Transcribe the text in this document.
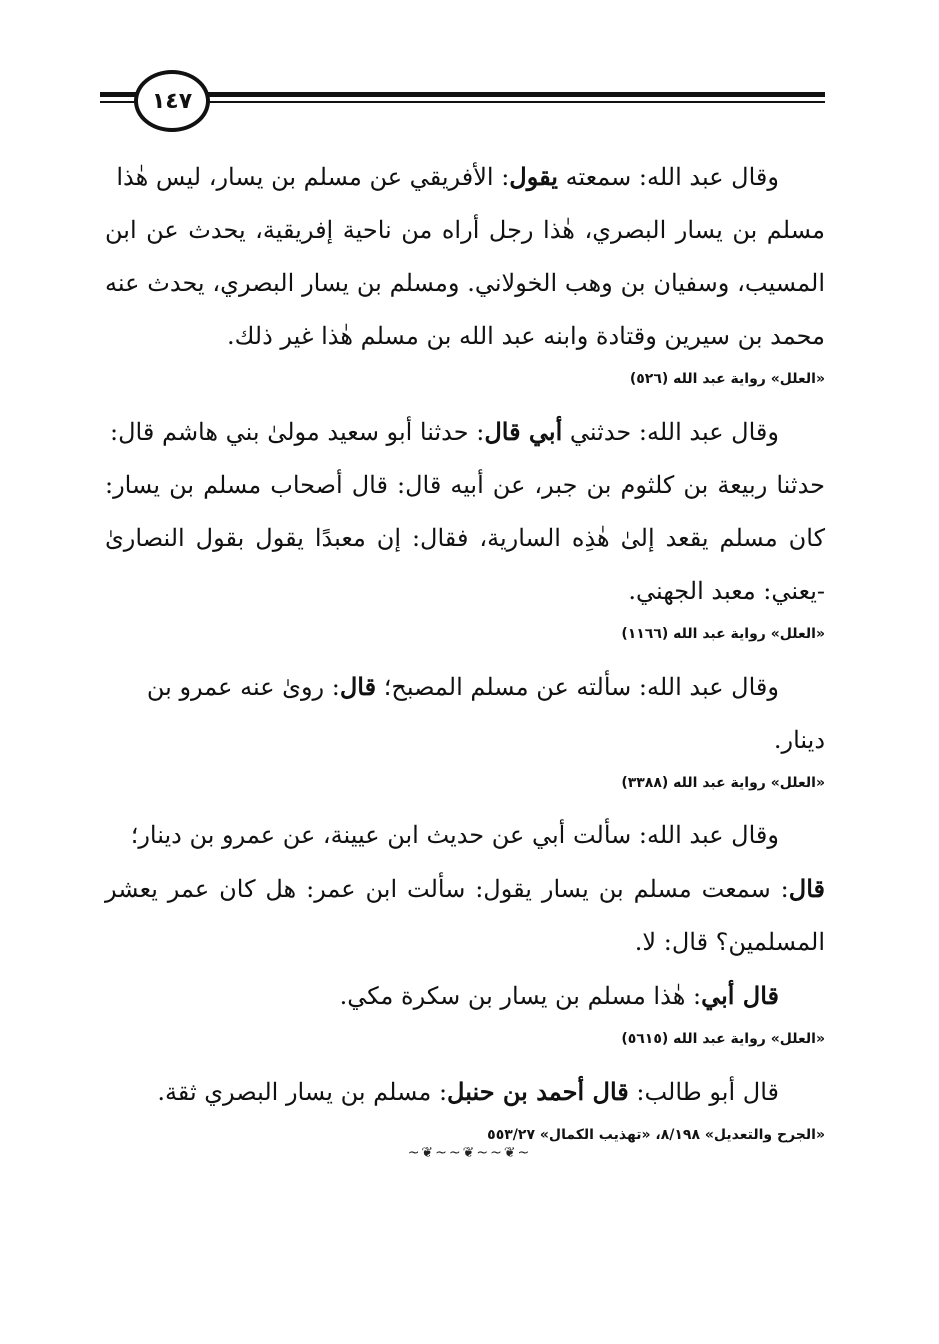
١٤٧

وقال عبد الله: سمعته يقول: الأفريقي عن مسلم بن يسار، ليس هٰذا مسلم بن يسار البصري، هٰذا رجل أراه من ناحية إفريقية، يحدث عن ابن المسيب، وسفيان بن وهب الخولاني. ومسلم بن يسار البصري، يحدث عنه محمد بن سيرين وقتادة وابنه عبد الله بن مسلم هٰذا غير ذلك.

«العلل» رواية عبد الله (٥٢٦)

وقال عبد الله: حدثني أبي قال: حدثنا أبو سعيد مولىٰ بني هاشم قال: حدثنا ربيعة بن كلثوم بن جبر، عن أبيه قال: قال أصحاب مسلم بن يسار: كان مسلم يقعد إلىٰ هٰذِه السارية، فقال: إن معبدًا يقول بقول النصارىٰ -يعني: معبد الجهني.

«العلل» رواية عبد الله (١١٦٦)

وقال عبد الله: سألته عن مسلم المصبح؛ قال: روىٰ عنه عمرو بن دينار.

«العلل» رواية عبد الله (٣٣٨٨)

وقال عبد الله: سألت أبي عن حديث ابن عيينة، عن عمرو بن دينار؛ قال: سمعت مسلم بن يسار يقول: سألت ابن عمر: هل كان عمر يعشر المسلمين؟ قال: لا.
قال أبي: هٰذا مسلم بن يسار بن سكرة مكي.

«العلل» رواية عبد الله (٥٦١٥)

قال أبو طالب: قال أحمد بن حنبل: مسلم بن يسار البصري ثقة.

«الجرح والتعديل» ٨/١٩٨، «تهذيب الكمال» ٥٥٣/٢٧
~❦~~❦~~❦~
